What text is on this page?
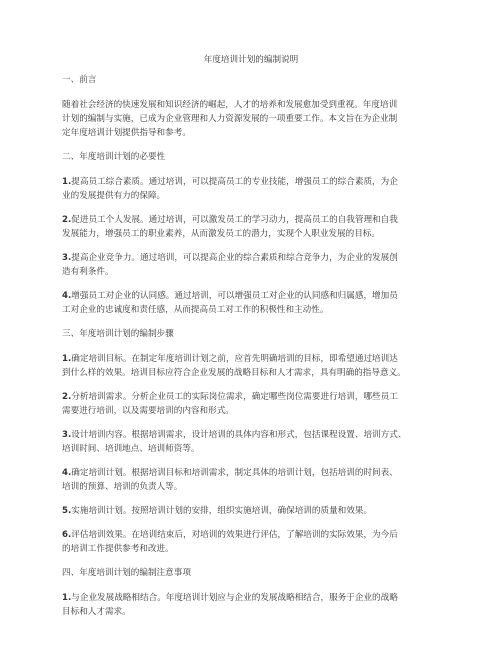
年度培训计划的编制说明
一、前言
随着社会经济的快速发展和知识经济的崛起，人才的培养和发展愈加受到重视。年度培训
计划的编制与实施，已成为企业管理和人力资源发展的一项重要工作。本文旨在为企业制
定年度培训计划提供指导和参考。
二、年度培训计划的必要性
1.提高员工综合素质。通过培训，可以提高员工的专业技能，增强员工的综合素质，为企
业的发展提供有力的保障。
2.促进员工个人发展。通过培训，可以激发员工的学习动力，提高员工的自我管理和自我
发展能力，增强员工的职业素养，从而激发员工的潜力，实现个人职业发展的目标。
3.提高企业竞争力。通过培训，可以提高企业的综合素质和综合竞争力，为企业的发展创
造有利条件。
4.增强员工对企业的认同感。通过培训，可以增强员工对企业的认同感和归属感，增加员
工对企业的忠诚度和责任感，从而提高员工对工作的积极性和主动性。
三、年度培训计划的编制步骤
1.确定培训目标。在制定年度培训计划之前，应首先明确培训的目标，即希望通过培训达
到什么样的效果。培训目标应符合企业发展的战略目标和人才需求，具有明确的指导意义。
2.分析培训需求。分析企业员工的实际岗位需求，确定哪些岗位需要进行培训，哪些员工
需要进行培训，以及需要培训的内容和形式。
3.设计培训内容。根据培训需求，设计培训的具体内容和形式，包括课程设置、培训方式、
培训时间、培训地点、培训师资等。
4.确定培训计划。根据培训目标和培训需求，制定具体的培训计划，包括培训的时间表、
培训的预算、培训的负责人等。
5.实施培训计划。按照培训计划的安排，组织实施培训，确保培训的质量和效果。
6.评估培训效果。在培训结束后，对培训的效果进行评估，了解培训的实际效果，为今后
的培训工作提供参考和改进。
四、年度培训计划的编制注意事项
1.与企业发展战略相结合。年度培训计划应与企业的发展战略相结合，服务于企业的战略
目标和人才需求。
